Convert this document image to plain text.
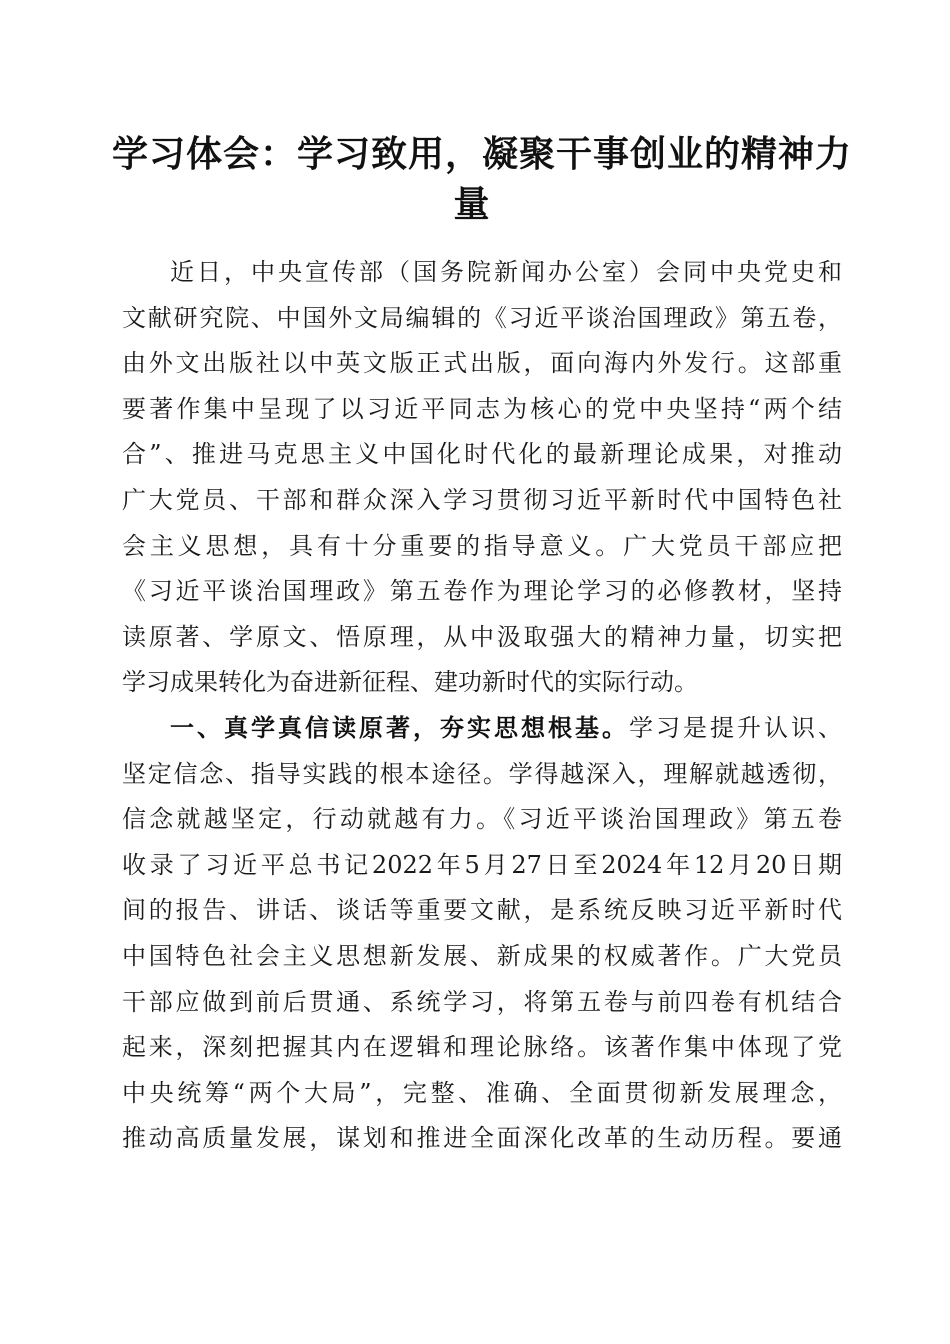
学习体会：学习致用，凝聚干事创业的精神力
量
近日，中央宣传部（国务院新闻办公室）会同中央党史和
文献研究院、中国外文局编辑的《习近平谈治国理政》第五卷，
由外文出版社以中英文版正式出版，面向海内外发行。这部重
要著作集中呈现了以习近平同志为核心的党中央坚持“两个结
合”、推进马克思主义中国化时代化的最新理论成果，对推动
广大党员、干部和群众深入学习贯彻习近平新时代中国特色社
会主义思想，具有十分重要的指导意义。广大党员干部应把
《习近平谈治国理政》第五卷作为理论学习的必修教材，坚持
读原著、学原文、悟原理，从中汲取强大的精神力量，切实把
学习成果转化为奋进新征程、建功新时代的实际行动。
一、真学真信读原著，夯实思想根基。学习是提升认识、
坚定信念、指导实践的根本途径。学得越深入，理解就越透彻，
信念就越坚定，行动就越有力。《习近平谈治国理政》第五卷
收录了习近平总书记2022年5月27日至2024年12月20日期
间的报告、讲话、谈话等重要文献，是系统反映习近平新时代
中国特色社会主义思想新发展、新成果的权威著作。广大党员
干部应做到前后贯通、系统学习，将第五卷与前四卷有机结合
起来，深刻把握其内在逻辑和理论脉络。该著作集中体现了党
中央统筹“两个大局”，完整、准确、全面贯彻新发展理念，
推动高质量发展，谋划和推进全面深化改革的生动历程。要通
